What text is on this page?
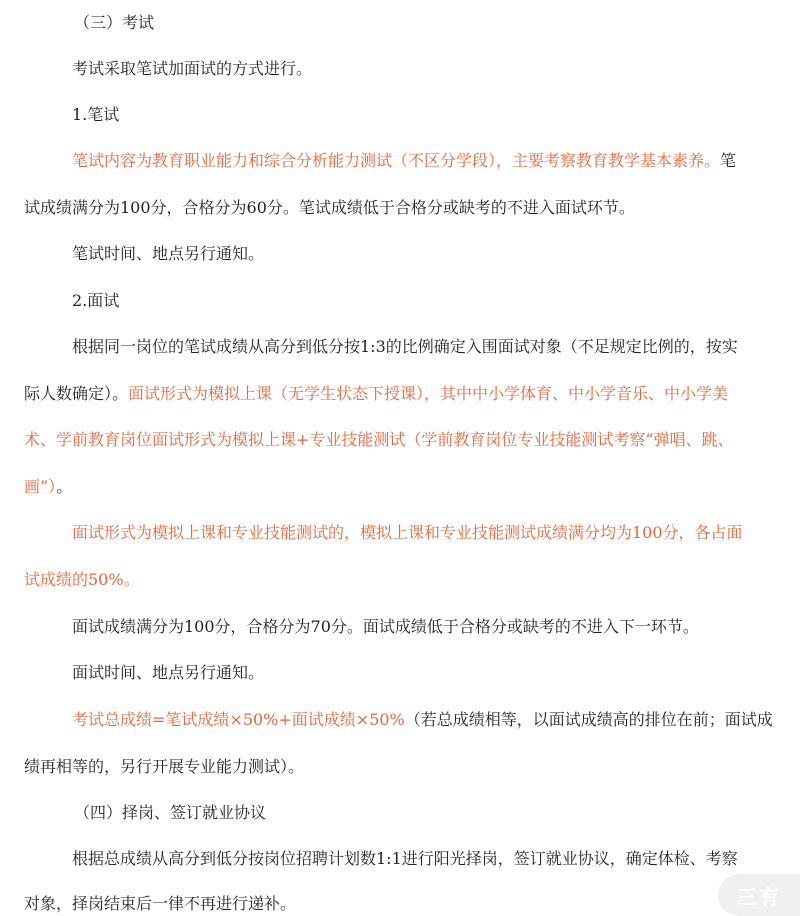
（三）考试
考试采取笔试加面试的方式进行。
1.笔试
笔试内容为教育职业能力和综合分析能力测试（不区分学段），主要考察教育教学基本素养。笔
试成绩满分为100分，合格分为60分。笔试成绩低于合格分或缺考的不进入面试环节。
笔试时间、地点另行通知。
2.面试
根据同一岗位的笔试成绩从高分到低分按1:3的比例确定入围面试对象（不足规定比例的，按实
际人数确定）。面试形式为模拟上课（无学生状态下授课），其中中小学体育、中小学音乐、中小学美
术、学前教育岗位面试形式为模拟上课+专业技能测试（学前教育岗位专业技能测试考察“弹唱、跳、
画”）。
面试形式为模拟上课和专业技能测试的，模拟上课和专业技能测试成绩满分均为100分，各占面
试成绩的50%。
面试成绩满分为100分，合格分为70分。面试成绩低于合格分或缺考的不进入下一环节。
面试时间、地点另行通知。
考试总成绩=笔试成绩×50%+面试成绩×50%（若总成绩相等，以面试成绩高的排位在前；面试成
绩再相等的，另行开展专业能力测试）。
（四）择岗、签订就业协议
根据总成绩从高分到低分按岗位招聘计划数1:1进行阳光择岗，签订就业协议，确定体检、考察
对象，择岗结束后一律不再进行递补。	三有
